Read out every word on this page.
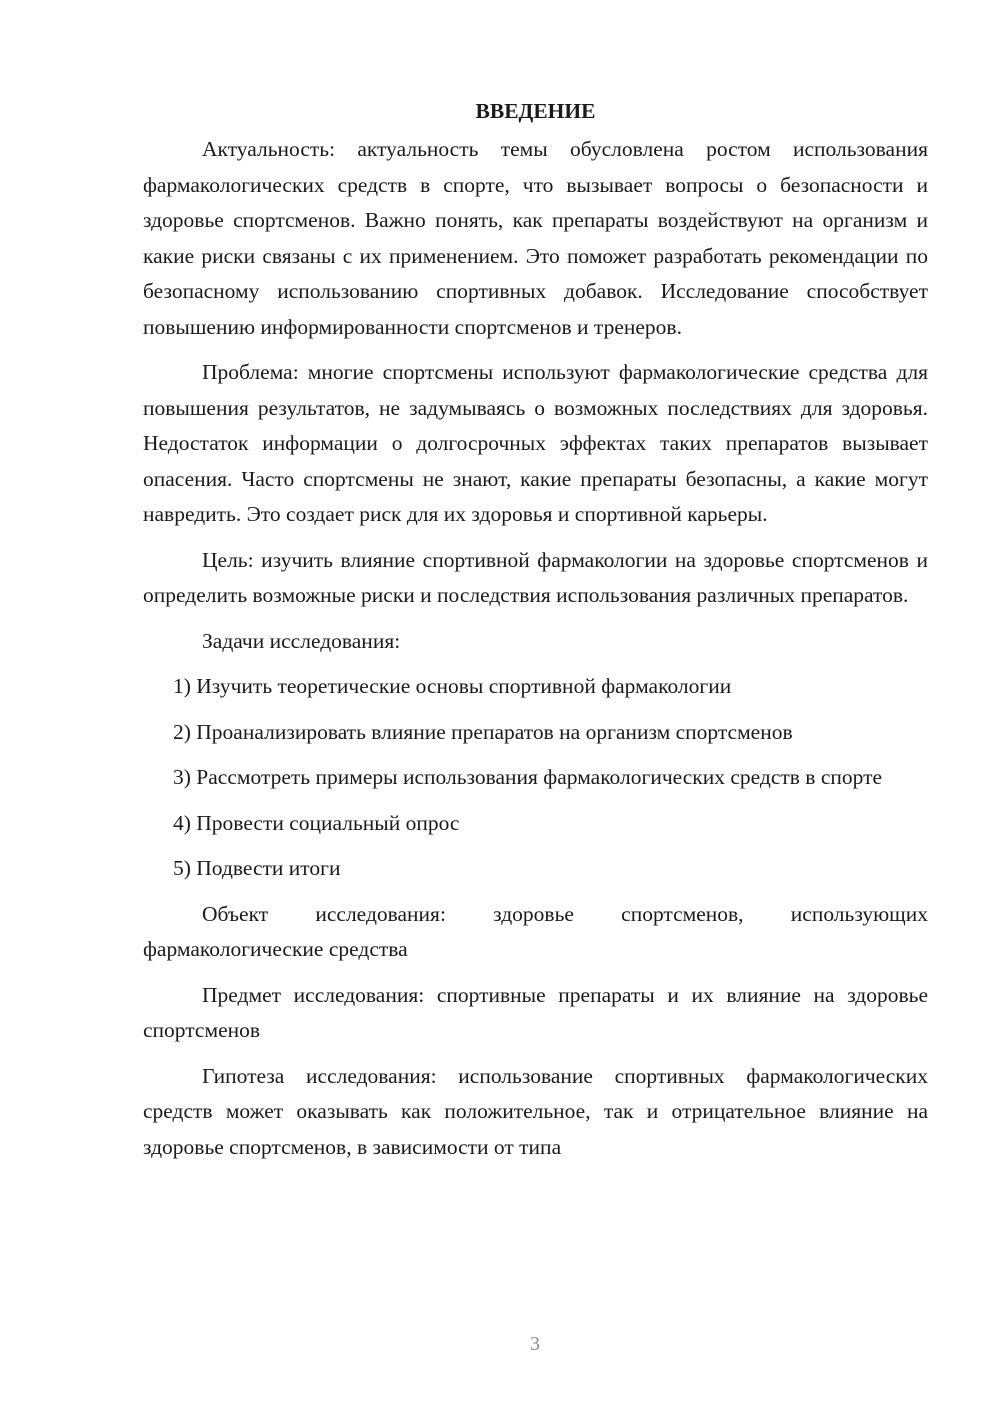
ВВЕДЕНИЕ

Актуальность: актуальность темы обусловлена ростом использования фармакологических средств в спорте, что вызывает вопросы о безопасности и здоровье спортсменов. Важно понять, как препараты воздействуют на организм и какие риски связаны с их применением. Это поможет разработать рекомендации по безопасному использованию спортивных добавок. Исследование способствует повышению информированности спортсменов и тренеров.

Проблема: многие спортсмены используют фармакологические средства для повышения результатов, не задумываясь о возможных последствиях для здоровья. Недостаток информации о долгосрочных эффектах таких препаратов вызывает опасения. Часто спортсмены не знают, какие препараты безопасны, а какие могут навредить. Это создает риск для их здоровья и спортивной карьеры.

Цель: изучить влияние спортивной фармакологии на здоровье спортсменов и определить возможные риски и последствия использования различных препаратов.

Задачи исследования:

1) Изучить теоретические основы спортивной фармакологии

2) Проанализировать влияние препаратов на организм спортсменов

3) Рассмотреть примеры использования фармакологических средств в спорте

4) Провести социальный опрос

5) Подвести итоги

Объект исследования: здоровье спортсменов, использующих фармакологические средства

Предмет исследования: спортивные препараты и их влияние на здоровье спортсменов

Гипотеза исследования: использование спортивных фармакологических средств может оказывать как положительное, так и отрицательное влияние на здоровье спортсменов, в зависимости от типа

3
